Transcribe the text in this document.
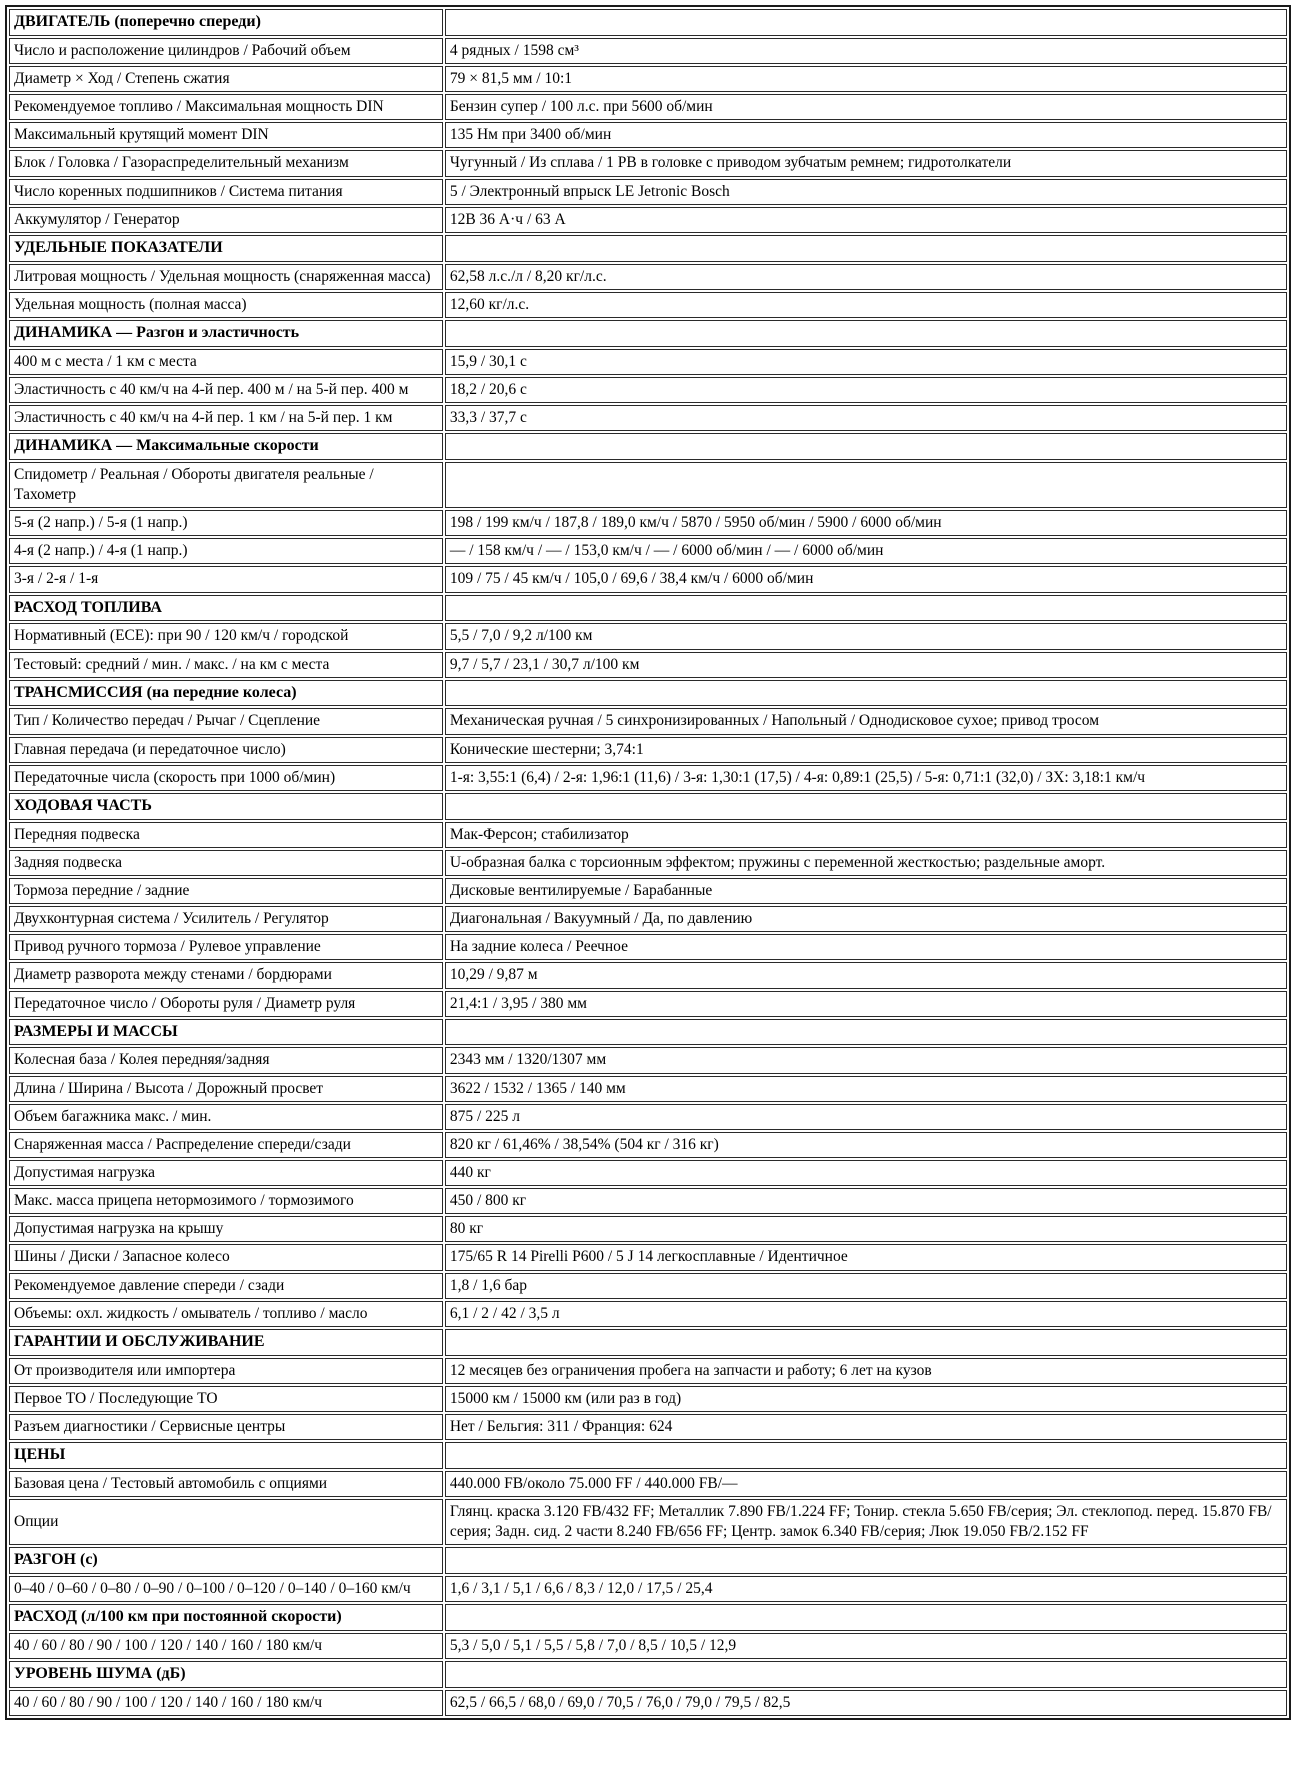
ДВИГАТЕЛЬ (поперечно спереди)	
Число и расположение цилиндров / Рабочий объем	4 рядных / 1598 см³
Диаметр × Ход / Степень сжатия	79 × 81,5 мм / 10:1
Рекомендуемое топливо / Максимальная мощность DIN	Бензин супер / 100 л.с. при 5600 об/мин
Максимальный крутящий момент DIN	135 Нм при 3400 об/мин
Блок / Головка / Газораспределительный механизм	Чугунный / Из сплава / 1 РВ в головке с приводом зубчатым ремнем; гидротолкатели
Число коренных подшипников / Система питания	5 / Электронный впрыск LE Jetronic Bosch
Аккумулятор / Генератор	12В 36 А·ч / 63 А
УДЕЛЬНЫЕ ПОКАЗАТЕЛИ	
Литровая мощность / Удельная мощность (снаряженная масса)	62,58 л.с./л / 8,20 кг/л.с.
Удельная мощность (полная масса)	12,60 кг/л.с.
ДИНАМИКА — Разгон и эластичность	
400 м с места / 1 км с места	15,9 / 30,1 с
Эластичность с 40 км/ч на 4-й пер. 400 м / на 5-й пер. 400 м	18,2 / 20,6 с
Эластичность с 40 км/ч на 4-й пер. 1 км / на 5-й пер. 1 км	33,3 / 37,7 с
ДИНАМИКА — Максимальные скорости	
Спидометр / Реальная / Обороты двигателя реальные / Тахометр	
5-я (2 напр.) / 5-я (1 напр.)	198 / 199 км/ч / 187,8 / 189,0 км/ч / 5870 / 5950 об/мин / 5900 / 6000 об/мин
4-я (2 напр.) / 4-я (1 напр.)	— / 158 км/ч / — / 153,0 км/ч / — / 6000 об/мин / — / 6000 об/мин
3-я / 2-я / 1-я	109 / 75 / 45 км/ч / 105,0 / 69,6 / 38,4 км/ч / 6000 об/мин
РАСХОД ТОПЛИВА	
Нормативный (ЕСЕ): при 90 / 120 км/ч / городской	5,5 / 7,0 / 9,2 л/100 км
Тестовый: средний / мин. / макс. / на км с места	9,7 / 5,7 / 23,1 / 30,7 л/100 км
ТРАНСМИССИЯ (на передние колеса)	
Тип / Количество передач / Рычаг / Сцепление	Механическая ручная / 5 синхронизированных / Напольный / Однодисковое сухое; привод тросом
Главная передача (и передаточное число)	Конические шестерни; 3,74:1
Передаточные числа (скорость при 1000 об/мин)	1-я: 3,55:1 (6,4) / 2-я: 1,96:1 (11,6) / 3-я: 1,30:1 (17,5) / 4-я: 0,89:1 (25,5) / 5-я: 0,71:1 (32,0) / ЗХ: 3,18:1 км/ч
ХОДОВАЯ ЧАСТЬ	
Передняя подвеска	Мак-Ферсон; стабилизатор
Задняя подвеска	U-образная балка с торсионным эффектом; пружины с переменной жесткостью; раздельные аморт.
Тормоза передние / задние	Дисковые вентилируемые / Барабанные
Двухконтурная система / Усилитель / Регулятор	Диагональная / Вакуумный / Да, по давлению
Привод ручного тормоза / Рулевое управление	На задние колеса / Реечное
Диаметр разворота между стенами / бордюрами	10,29 / 9,87 м
Передаточное число / Обороты руля / Диаметр руля	21,4:1 / 3,95 / 380 мм
РАЗМЕРЫ И МАССЫ	
Колесная база / Колея передняя/задняя	2343 мм / 1320/1307 мм
Длина / Ширина / Высота / Дорожный просвет	3622 / 1532 / 1365 / 140 мм
Объем багажника макс. / мин.	875 / 225 л
Снаряженная масса / Распределение спереди/сзади	820 кг / 61,46% / 38,54% (504 кг / 316 кг)
Допустимая нагрузка	440 кг
Макс. масса прицепа нетормозимого / тормозимого	450 / 800 кг
Допустимая нагрузка на крышу	80 кг
Шины / Диски / Запасное колесо	175/65 R 14 Pirelli P600 / 5 J 14 легкосплавные / Идентичное
Рекомендуемое давление спереди / сзади	1,8 / 1,6 бар
Объемы: охл. жидкость / омыватель / топливо / масло	6,1 / 2 / 42 / 3,5 л
ГАРАНТИИ И ОБСЛУЖИВАНИЕ	
От производителя или импортера	12 месяцев без ограничения пробега на запчасти и работу; 6 лет на кузов
Первое ТО / Последующие ТО	15000 км / 15000 км (или раз в год)
Разъем диагностики / Сервисные центры	Нет / Бельгия: 311 / Франция: 624
ЦЕНЫ	
Базовая цена / Тестовый автомобиль с опциями	440.000 FB/около 75.000 FF / 440.000 FB/—
Опции	Глянц. краска 3.120 FB/432 FF; Металлик 7.890 FB/1.224 FF; Тонир. стекла 5.650 FB/серия; Эл. стеклопод. перед. 15.870 FB/серия; Задн. сид. 2 части 8.240 FB/656 FF; Центр. замок 6.340 FB/серия; Люк 19.050 FB/2.152 FF
РАЗГОН (с)	
0–40 / 0–60 / 0–80 / 0–90 / 0–100 / 0–120 / 0–140 / 0–160 км/ч	1,6 / 3,1 / 5,1 / 6,6 / 8,3 / 12,0 / 17,5 / 25,4
РАСХОД (л/100 км при постоянной скорости)	
40 / 60 / 80 / 90 / 100 / 120 / 140 / 160 / 180 км/ч	5,3 / 5,0 / 5,1 / 5,5 / 5,8 / 7,0 / 8,5 / 10,5 / 12,9
УРОВЕНЬ ШУМА (дБ)	
40 / 60 / 80 / 90 / 100 / 120 / 140 / 160 / 180 км/ч	62,5 / 66,5 / 68,0 / 69,0 / 70,5 / 76,0 / 79,0 / 79,5 / 82,5
